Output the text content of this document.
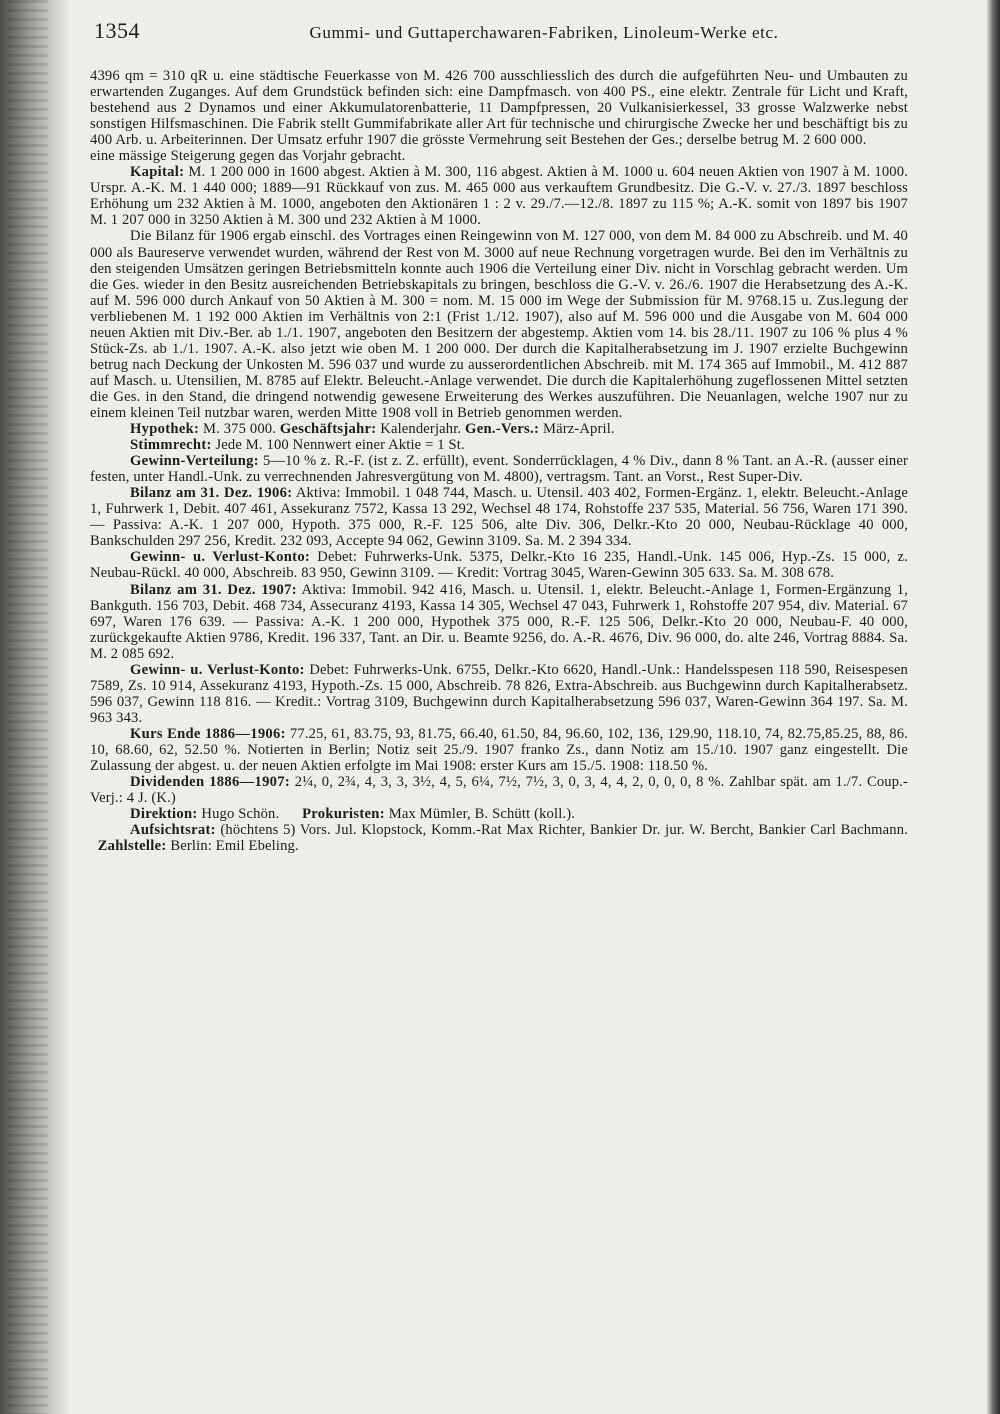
1354	Gummi- und Guttaperchawaren-Fabriken, Linoleum-Werke etc.

4396 qm = 310 qR u. eine städtische Feuerkasse von M. 426 700 ausschliesslich des durch die aufgeführten Neu- und Umbauten zu erwartenden Zuganges. Auf dem Grundstück befinden sich: eine Dampfmasch. von 400 PS., eine elektr. Zentrale für Licht und Kraft, bestehend aus 2 Dynamos und einer Akkumulatorenbatterie, 11 Dampfpressen, 20 Vulkanisierkessel, 33 grosse Walzwerke nebst sonstigen Hilfsmaschinen. Die Fabrik stellt Gummifabrikate aller Art für technische und chirurgische Zwecke her und beschäftigt bis zu 400 Arb. u. Arbeiterinnen. Der Umsatz erfuhr 1907 die grösste Vermehrung seit Bestehen der Ges.; derselbe betrug M. 2 600 000.

eine mässige Steigerung gegen das Vorjahr gebracht.

Kapital: M. 1 200 000 in 1600 abgest. Aktien à M. 300, 116 abgest. Aktien à M. 1000 u. 604 neuen Aktien von 1907 à M. 1000. Urspr. A.-K. M. 1 440 000; 1889—91 Rückkauf von zus. M. 465 000 aus verkauftem Grundbesitz. Die G.-V. v. 27./3. 1897 beschloss Erhöhung um 232 Aktien à M. 1000, angeboten den Aktionären 1 : 2 v. 29./7.—12./8. 1897 zu 115 %; A.-K. somit von 1897 bis 1907 M. 1 207 000 in 3250 Aktien à M. 300 und 232 Aktien à M 1000.

Die Bilanz für 1906 ergab einschl. des Vortrages einen Reingewinn von M. 127 000, von dem M. 84 000 zu Abschreib. und M. 40 000 als Baureserve verwendet wurden, während der Rest von M. 3000 auf neue Rechnung vorgetragen wurde. Bei den im Verhältnis zu den steigenden Umsätzen geringen Betriebsmitteln konnte auch 1906 die Verteilung einer Div. nicht in Vorschlag gebracht werden. Um die Ges. wieder in den Besitz ausreichenden Betriebskapitals zu bringen, beschloss die G.-V. v. 26./6. 1907 die Herabsetzung des A.-K. auf M. 596 000 durch Ankauf von 50 Aktien à M. 300 = nom. M. 15 000 im Wege der Submission für M. 9768.15 u. Zus.legung der verbliebenen M. 1 192 000 Aktien im Verhältnis von 2:1 (Frist 1./12. 1907), also auf M. 596 000 und die Ausgabe von M. 604 000 neuen Aktien mit Div.-Ber. ab 1./1. 1907, angeboten den Besitzern der abgestemp. Aktien vom 14. bis 28./11. 1907 zu 106 % plus 4 % Stück-Zs. ab 1./1. 1907. A.-K. also jetzt wie oben M. 1 200 000. Der durch die Kapitalherabsetzung im J. 1907 erzielte Buchgewinn betrug nach Deckung der Unkosten M. 596 037 und wurde zu ausserordentlichen Abschreib. mit M. 174 365 auf Immobil., M. 412 887 auf Masch. u. Utensilien, M. 8785 auf Elektr. Beleucht.-Anlage verwendet. Die durch die Kapitalerhöhung zugeflossenen Mittel setzten die Ges. in den Stand, die dringend notwendig gewesene Erweiterung des Werkes auszuführen. Die Neuanlagen, welche 1907 nur zu einem kleinen Teil nutzbar waren, werden Mitte 1908 voll in Betrieb genommen werden.

Hypothek: M. 375 000. Geschäftsjahr: Kalenderjahr. Gen.-Vers.: März-April.

Stimmrecht: Jede M. 100 Nennwert einer Aktie = 1 St.

Gewinn-Verteilung: 5—10 % z. R.-F. (ist z. Z. erfüllt), event. Sonderrücklagen, 4 % Div., dann 8 % Tant. an A.-R. (ausser einer festen, unter Handl.-Unk. zu verrechnenden Jahresvergütung von M. 4800), vertragsm. Tant. an Vorst., Rest Super-Div.

Bilanz am 31. Dez. 1906: Aktiva: Immobil. 1 048 744, Masch. u. Utensil. 403 402, Formen-Ergänz. 1, elektr. Beleucht.-Anlage 1, Fuhrwerk 1, Debit. 407 461, Assekuranz 7572, Kassa 13 292, Wechsel 48 174, Rohstoffe 237 535, Material. 56 756, Waren 171 390. — Passiva: A.-K. 1 207 000, Hypoth. 375 000, R.-F. 125 506, alte Div. 306, Delkr.-Kto 20 000, Neubau-Rücklage 40 000, Bankschulden 297 256, Kredit. 232 093, Accepte 94 062, Gewinn 3109. Sa. M. 2 394 334.

Gewinn- u. Verlust-Konto: Debet: Fuhrwerks-Unk. 5375, Delkr.-Kto 16 235, Handl.-Unk. 145 006, Hyp.-Zs. 15 000, z. Neubau-Rückl. 40 000, Abschreib. 83 950, Gewinn 3109. — Kredit: Vortrag 3045, Waren-Gewinn 305 633. Sa. M. 308 678.

Bilanz am 31. Dez. 1907: Aktiva: Immobil. 942 416, Masch. u. Utensil. 1, elektr. Beleucht.-Anlage 1, Formen-Ergänzung 1, Bankguth. 156 703, Debit. 468 734, Assecuranz 4193, Kassa 14 305, Wechsel 47 043, Fuhrwerk 1, Rohstoffe 207 954, div. Material. 67 697, Waren 176 639. — Passiva: A.-K. 1 200 000, Hypothek 375 000, R.-F. 125 506, Delkr.-Kto 20 000, Neubau-F. 40 000, zurückgekaufte Aktien 9786, Kredit. 196 337, Tant. an Dir. u. Beamte 9256, do. A.-R. 4676, Div. 96 000, do. alte 246, Vortrag 8884. Sa. M. 2 085 692.

Gewinn- u. Verlust-Konto: Debet: Fuhrwerks-Unk. 6755, Delkr.-Kto 6620, Handl.-Unk.: Handelsspesen 118 590, Reisespesen 7589, Zs. 10 914, Assekuranz 4193, Hypoth.-Zs. 15 000, Abschreib. 78 826, Extra-Abschreib. aus Buchgewinn durch Kapitalherabsetz. 596 037, Gewinn 118 816. — Kredit.: Vortrag 3109, Buchgewinn durch Kapitalherabsetzung 596 037, Waren-Gewinn 364 197. Sa. M. 963 343.

Kurs Ende 1886—1906: 77.25, 61, 83.75, 93, 81.75, 66.40, 61.50, 84, 96.60, 102, 136, 129.90, 118.10, 74, 82.75,85.25, 88, 86. 10, 68.60, 62, 52.50 %. Notierten in Berlin; Notiz seit 25./9. 1907 franko Zs., dann Notiz am 15./10. 1907 ganz eingestellt. Die Zulassung der abgest. u. der neuen Aktien erfolgte im Mai 1908: erster Kurs am 15./5. 1908: 118.50 %.

Dividenden 1886—1907: 2¼, 0, 2¾, 4, 3, 3, 3½, 4, 5, 6¼, 7½, 7½, 3, 0, 3, 4, 4, 2, 0, 0, 0, 8 %. Zahlbar spät. am 1./7. Coup.-Verj.: 4 J. (K.)

Direktion: Hugo Schön. Prokuristen: Max Mümler, B. Schütt (koll.).

Aufsichtsrat: (höchtens 5) Vors. Jul. Klopstock, Komm.-Rat Max Richter, Bankier Dr. jur. W. Bercht, Bankier Carl Bachmann.   Zahlstelle: Berlin: Emil Ebeling.
